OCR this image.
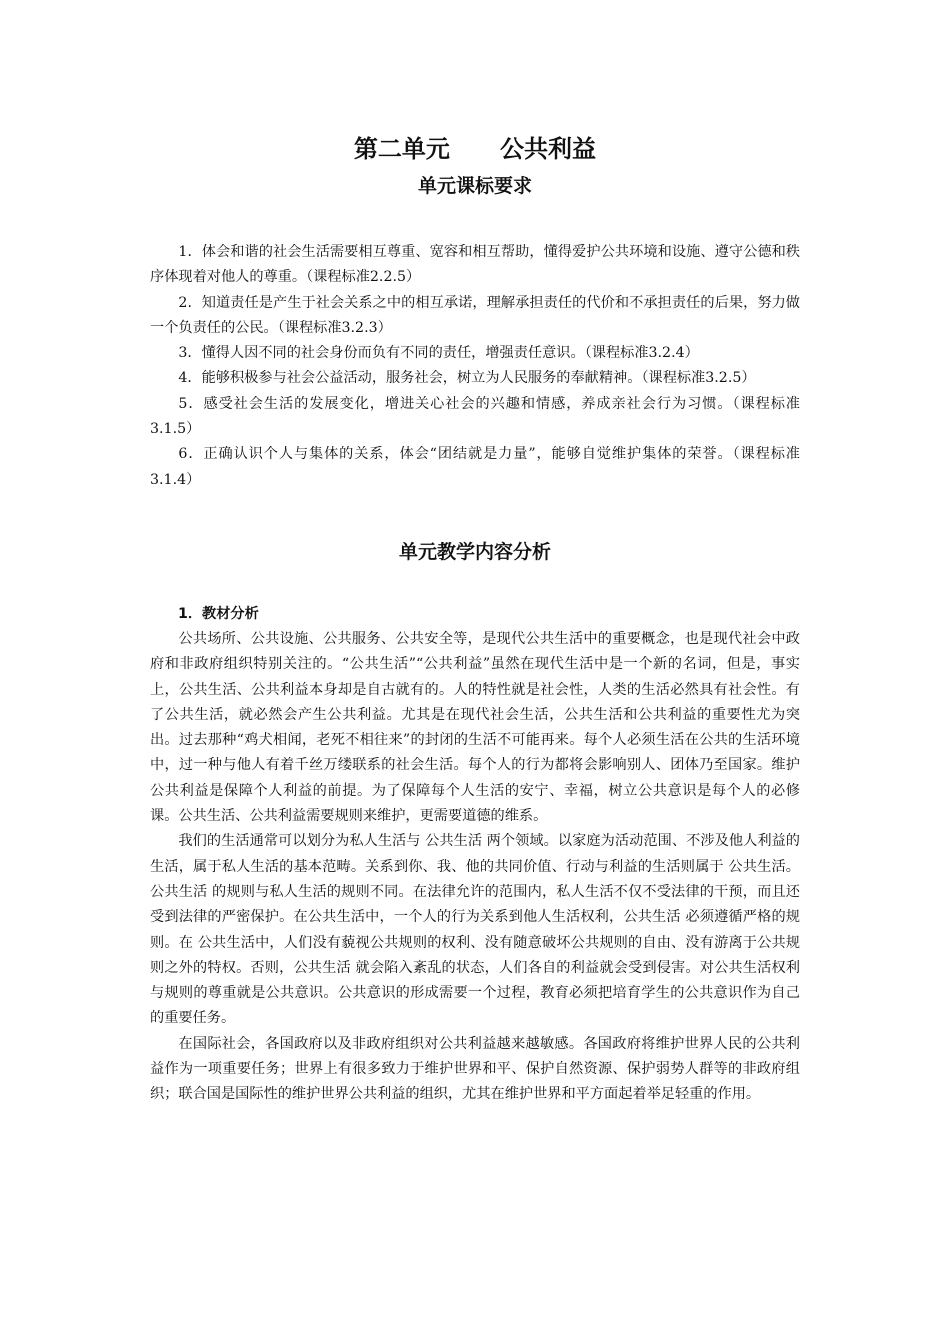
第二单元      公共利益
单元课标要求

1．体会和谐的社会生活需要相互尊重、宽容和相互帮助，懂得爱护公共环境和设施、遵守公德和秩序体现着对他人的尊重。（课程标准2.2.5）

2．知道责任是产生于社会关系之中的相互承诺，理解承担责任的代价和不承担责任的后果，努力做一个负责任的公民。（课程标准3.2.3）

3．懂得人因不同的社会身份而负有不同的责任，增强责任意识。（课程标准3.2.4）

4．能够积极参与社会公益活动，服务社会，树立为人民服务的奉献精神。（课程标准3.2.5）

5．感受社会生活的发展变化，增进关心社会的兴趣和情感，养成亲社会行为习惯。（课程标准3.1.5）

6．正确认识个人与集体的关系，体会“团结就是力量”，能够自觉维护集体的荣誉。（课程标准3.1.4）

单元教学内容分析
1．教材分析

公共场所、公共设施、公共服务、公共安全等，是现代公共生活中的重要概念，也是现代社会中政府和非政府组织特别关注的。“公共生活”“公共利益”虽然在现代生活中是一个新的名词，但是，事实上，公共生活、公共利益本身却是自古就有的。人的特性就是社会性，人类的生活必然具有社会性。有了公共生活，就必然会产生公共利益。尤其是在现代社会生活，公共生活和公共利益的重要性尤为突出。过去那种“鸡犬相闻，老死不相往来”的封闭的生活不可能再来。每个人必须生活在公共的生活环境中，过一种与他人有着千丝万缕联系的社会生活。每个人的行为都将会影响别人、团体乃至国家。维护公共利益是保障个人利益的前提。为了保障每个人生活的安宁、幸福，树立公共意识是每个人的必修课。公共生活、公共利益需要规则来维护，更需要道德的维系。

我们的生活通常可以划分为私人生活与 公共生活 两个领域。以家庭为活动范围、不涉及他人利益的生活，属于私人生活的基本范畴。关系到你、我、他的共同价值、行动与利益的生活则属于 公共生活。公共生活 的规则与私人生活的规则不同。在法律允许的范围内，私人生活不仅不受法律的干预，而且还受到法律的严密保护。在公共生活中，一个人的行为关系到他人生活权利，公共生活 必须遵循严格的规则。在 公共生活中，人们没有藐视公共规则的权利、没有随意破坏公共规则的自由、没有游离于公共规则之外的特权。否则，公共生活 就会陷入紊乱的状态，人们各自的利益就会受到侵害。对公共生活权利与规则的尊重就是公共意识。公共意识的形成需要一个过程，教育必须把培育学生的公共意识作为自己的重要任务。

在国际社会，各国政府以及非政府组织对公共利益越来越敏感。各国政府将维护世界人民的公共利益作为一项重要任务；世界上有很多致力于维护世界和平、保护自然资源、保护弱势人群等的非政府组织；联合国是国际性的维护世界公共利益的组织，尤其在维护世界和平方面起着举足轻重的作用。
